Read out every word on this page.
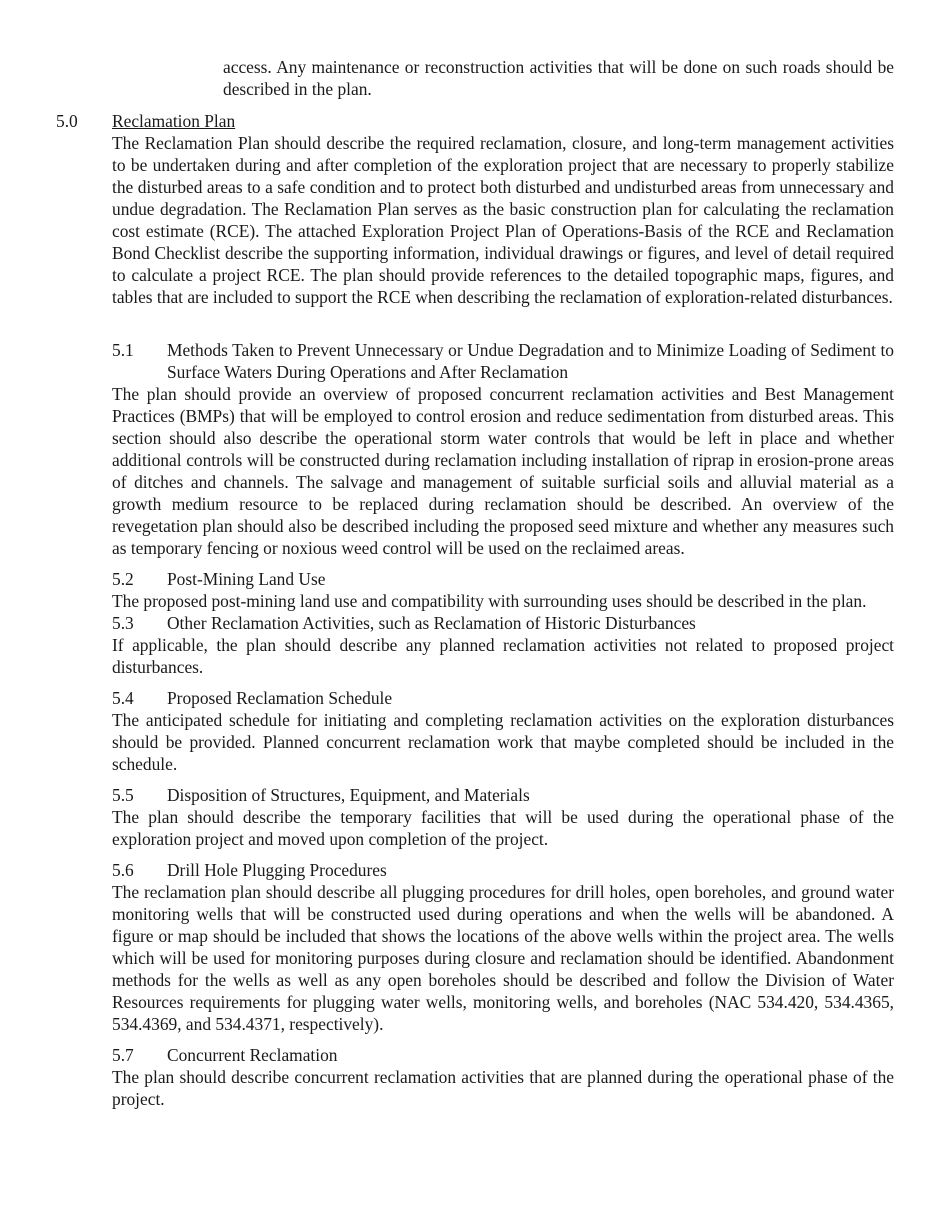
access. Any maintenance or reconstruction activities that will be done on such roads should be described in the plan.

5.0 Reclamation Plan

The Reclamation Plan should describe the required reclamation, closure, and long-term management activities to be undertaken during and after completion of the exploration project that are necessary to properly stabilize the disturbed areas to a safe condition and to protect both disturbed and undisturbed areas from unnecessary and undue degradation. The Reclamation Plan serves as the basic construction plan for calculating the reclamation cost estimate (RCE). The attached Exploration Project Plan of Operations-Basis of the RCE and Reclamation Bond Checklist describe the supporting information, individual drawings or figures, and level of detail required to calculate a project RCE. The plan should provide references to the detailed topographic maps, figures, and tables that are included to support the RCE when describing the reclamation of exploration-related disturbances.

5.1 Methods Taken to Prevent Unnecessary or Undue Degradation and to Minimize Loading of Sediment to Surface Waters During Operations and After Reclamation

The plan should provide an overview of proposed concurrent reclamation activities and Best Management Practices (BMPs) that will be employed to control erosion and reduce sedimentation from disturbed areas. This section should also describe the operational storm water controls that would be left in place and whether additional controls will be constructed during reclamation including installation of riprap in erosion-prone areas of ditches and channels. The salvage and management of suitable surficial soils and alluvial material as a growth medium resource to be replaced during reclamation should be described. An overview of the revegetation plan should also be described including the proposed seed mixture and whether any measures such as temporary fencing or noxious weed control will be used on the reclaimed areas.

5.2 Post-Mining Land Use

The proposed post-mining land use and compatibility with surrounding uses should be described in the plan.

5.3 Other Reclamation Activities, such as Reclamation of Historic Disturbances

If applicable, the plan should describe any planned reclamation activities not related to proposed project disturbances.

5.4 Proposed Reclamation Schedule

The anticipated schedule for initiating and completing reclamation activities on the exploration disturbances should be provided. Planned concurrent reclamation work that maybe completed should be included in the schedule.

5.5 Disposition of Structures, Equipment, and Materials

The plan should describe the temporary facilities that will be used during the operational phase of the exploration project and moved upon completion of the project.

5.6 Drill Hole Plugging Procedures

The reclamation plan should describe all plugging procedures for drill holes, open boreholes, and ground water monitoring wells that will be constructed used during operations and when the wells will be abandoned. A figure or map should be included that shows the locations of the above wells within the project area. The wells which will be used for monitoring purposes during closure and reclamation should be identified. Abandonment methods for the wells as well as any open boreholes should be described and follow the Division of Water Resources requirements for plugging water wells, monitoring wells, and boreholes (NAC 534.420, 534.4365, 534.4369, and 534.4371, respectively).

5.7 Concurrent Reclamation

The plan should describe concurrent reclamation activities that are planned during the operational phase of the project.
